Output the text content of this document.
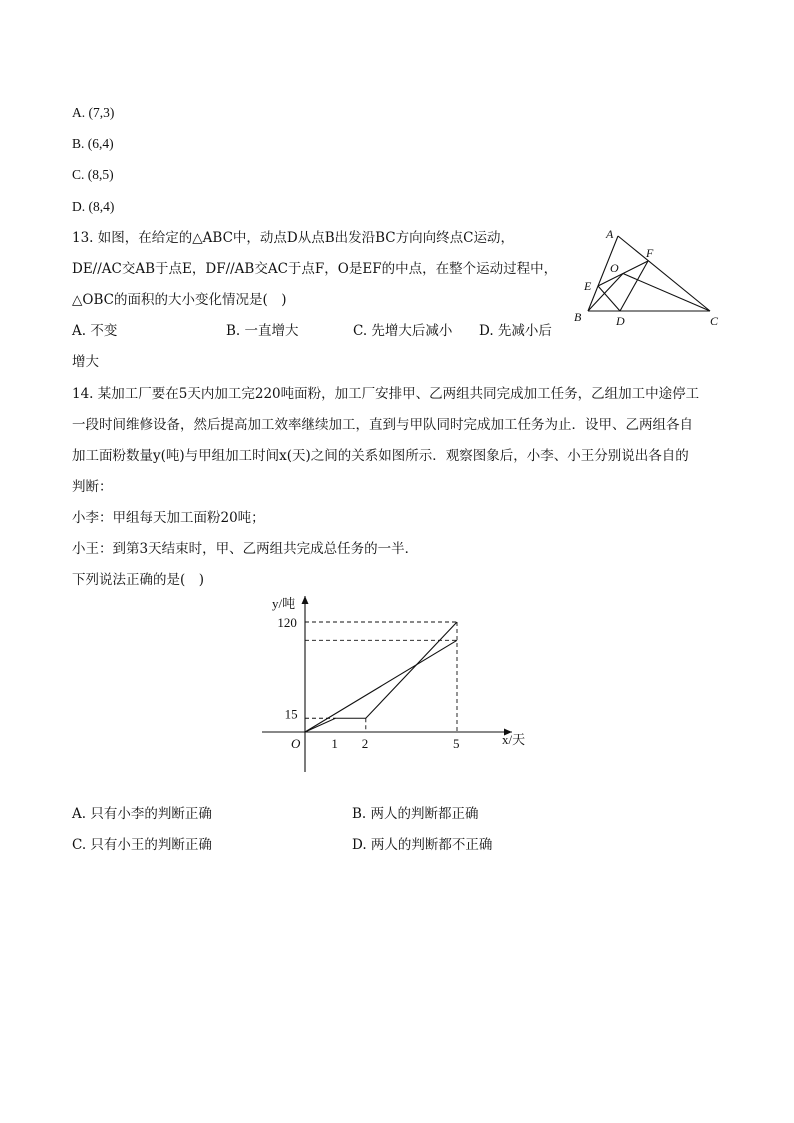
A. (7,3)
B. (6,4)
C. (8,5)
D. (8,4)
13. 如图，在给定的△ABC中，动点D从点B出发沿BC方向向终点C运动，
DE//AC交AB于点E，DF//AB交AC于点F，O是EF的中点，在整个运动过程中，
△OBC的面积的大小变化情况是(　)
A. 不变	B. 一直增大	C. 先增大后减小 D. 先减小后
增大
A
B	C
D
E
F
O
14. 某加工厂要在5天内加工完220吨面粉，加工厂安排甲、乙两组共同完成加工任务，乙组加工中途停工
一段时间维修设备，然后提高加工效率继续加工，直到与甲队同时完成加工任务为止．设甲、乙两组各自
加工面粉数量y(吨)与甲组加工时间x(天)之间的关系如图所示．观察图象后，小李、小王分别说出各自的
判断：
小李：甲组每天加工面粉20吨；
小王：到第3天结束时，甲、乙两组共完成总任务的一半．
下列说法正确的是(　)
1 2	5
15
120
O	x/天
y/吨
A. 只有小李的判断正确	B. 两人的判断都正确
C. 只有小王的判断正确	D. 两人的判断都不正确
